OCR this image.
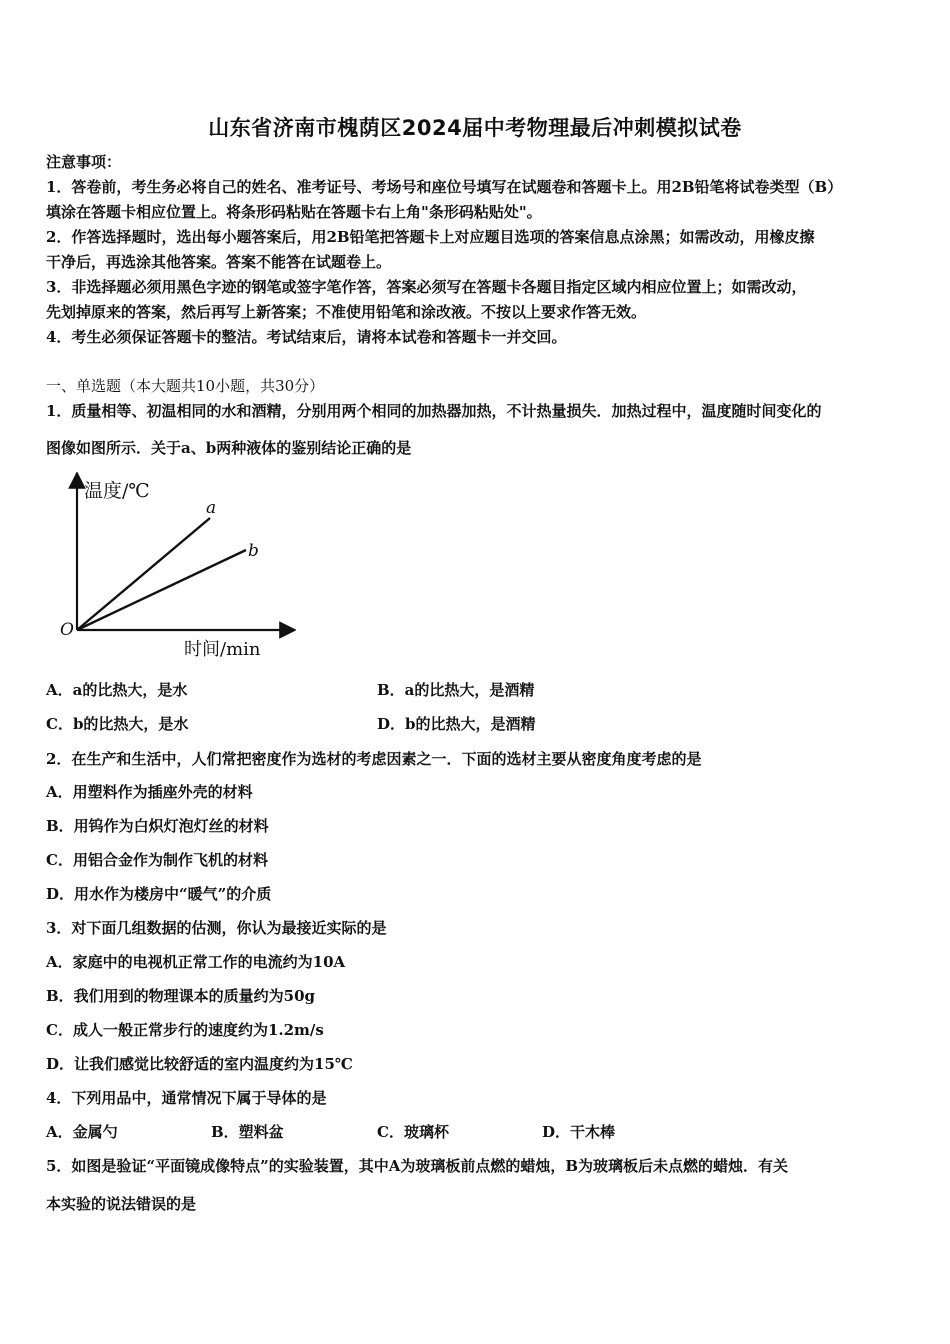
山东省济南市槐荫区2024届中考物理最后冲刺模拟试卷
注意事项：
1．答卷前，考生务必将自己的姓名、准考证号、考场号和座位号填写在试题卷和答题卡上。用2B铅笔将试卷类型（B）
填涂在答题卡相应位置上。将条形码粘贴在答题卡右上角"条形码粘贴处"。
2．作答选择题时，选出每小题答案后，用2B铅笔把答题卡上对应题目选项的答案信息点涂黑；如需改动，用橡皮擦
干净后，再选涂其他答案。答案不能答在试题卷上。
3．非选择题必须用黑色字迹的钢笔或签字笔作答，答案必须写在答题卡各题目指定区域内相应位置上；如需改动，
先划掉原来的答案，然后再写上新答案；不准使用铅笔和涂改液。不按以上要求作答无效。
4．考生必须保证答题卡的整洁。考试结束后，请将本试卷和答题卡一并交回。
一、单选题（本大题共10小题，共30分）
1．质量相等、初温相同的水和酒精，分别用两个相同的加热器加热，不计热量损失．加热过程中，温度随时间变化的
图像如图所示．关于a、b两种液体的鉴别结论正确的是
温度/℃
时间/min
O
a
b
A．a的比热大，是水	B．a的比热大，是酒精
C．b的比热大，是水	D．b的比热大，是酒精
2．在生产和生活中，人们常把密度作为选材的考虑因素之一．下面的选材主要从密度角度考虑的是
A．用塑料作为插座外壳的材料
B．用钨作为白炽灯泡灯丝的材料
C．用铝合金作为制作飞机的材料
D．用水作为楼房中“暖气”的介质
3．对下面几组数据的估测，你认为最接近实际的是
A．家庭中的电视机正常工作的电流约为10A
B．我们用到的物理课本的质量约为50g
C．成人一般正常步行的速度约为1.2m/s
D．让我们感觉比较舒适的室内温度约为15℃
4．下列用品中，通常情况下属于导体的是
A．金属勺	B．塑料盆	C．玻璃杯	D．干木棒
5．如图是验证“平面镜成像特点”的实验装置，其中A为玻璃板前点燃的蜡烛，B为玻璃板后未点燃的蜡烛．有关
本实验的说法错误的是
